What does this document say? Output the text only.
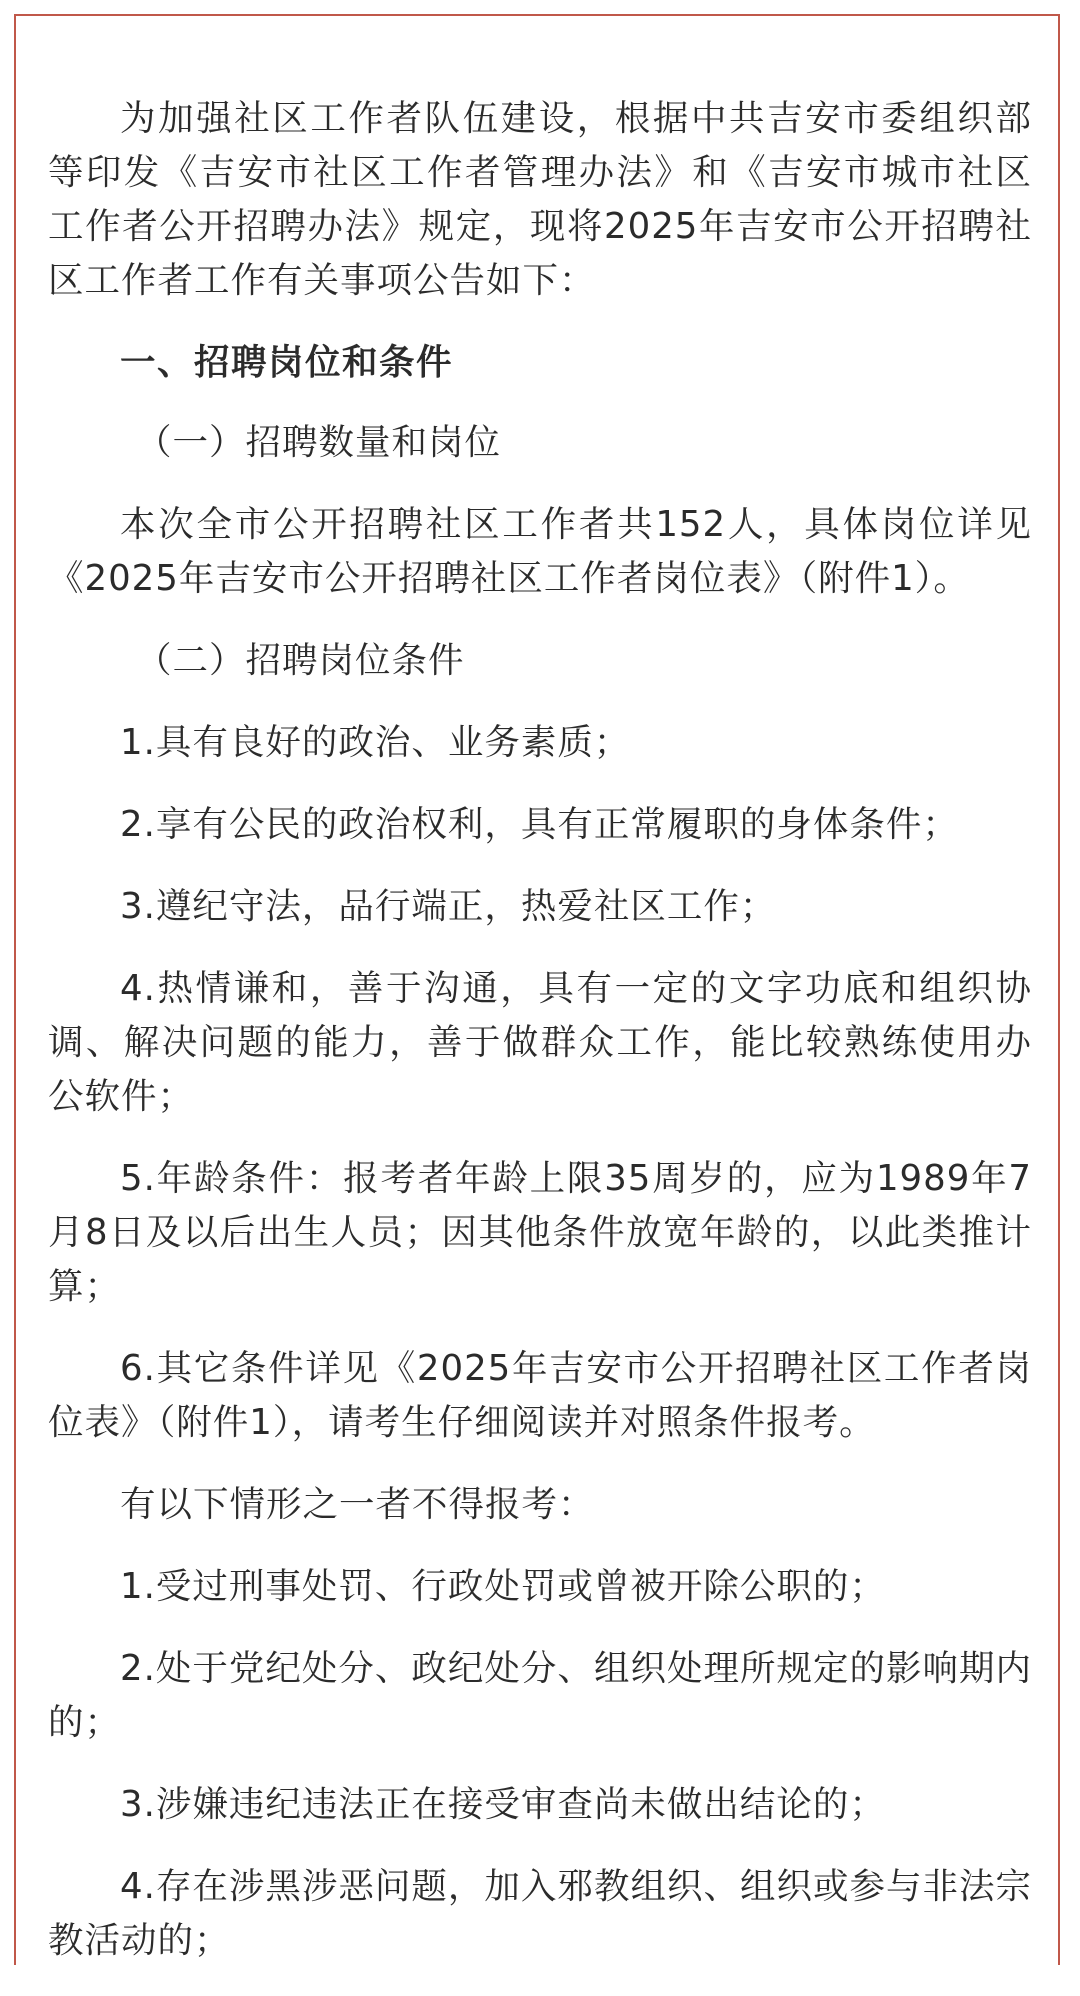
为加强社区工作者队伍建设，根据中共吉安市委组织部等印发《吉安市社区工作者管理办法》和《吉安市城市社区工作者公开招聘办法》规定，现将2025年吉安市公开招聘社区工作者工作有关事项公告如下：

一、招聘岗位和条件

（一）招聘数量和岗位

本次全市公开招聘社区工作者共152人，具体岗位详见《2025年吉安市公开招聘社区工作者岗位表》（附件1）。

（二）招聘岗位条件

1.具有良好的政治、业务素质；

2.享有公民的政治权利，具有正常履职的身体条件；

3.遵纪守法，品行端正，热爱社区工作；

4.热情谦和，善于沟通，具有一定的文字功底和组织协调、解决问题的能力，善于做群众工作，能比较熟练使用办公软件；

5.年龄条件：报考者年龄上限35周岁的，应为1989年7月8日及以后出生人员；因其他条件放宽年龄的，以此类推计算；

6.其它条件详见《2025年吉安市公开招聘社区工作者岗位表》（附件1），请考生仔细阅读并对照条件报考。

有以下情形之一者不得报考：

1.受过刑事处罚、行政处罚或曾被开除公职的；

2.处于党纪处分、政纪处分、组织处理所规定的影响期内的；

3.涉嫌违纪违法正在接受审查尚未做出结论的；

4.存在涉黑涉恶问题，加入邪教组织、组织或参与非法宗教活动的；
